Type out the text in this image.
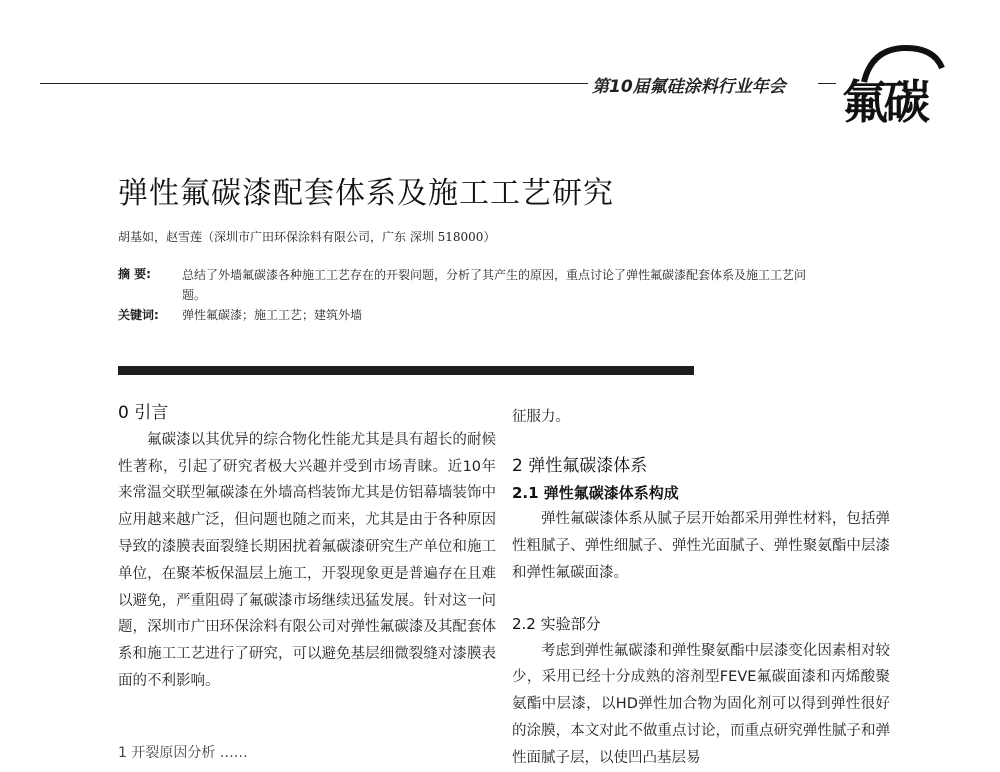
第10届氟硅涂料行业年会 氟碳
弹性氟碳漆配套体系及施工工艺研究
胡基如，赵雪莲（深圳市广田环保涂料有限公司，广东 深圳 518000）
摘 要:	总结了外墙氟碳漆各种施工工艺存在的开裂问题，分析了其产生的原因，重点讨论了弹性氟碳漆配套体系及施工工艺问题。
关键词: 弹性氟碳漆；施工工艺；建筑外墙
0 引言

氟碳漆以其优异的综合物化性能尤其是具有超长的耐候性著称，引起了研究者极大兴趣并受到市场青睐。近10年来常温交联型氟碳漆在外墙高档装饰尤其是仿铝幕墙装饰中应用越来越广泛，但问题也随之而来，尤其是由于各种原因导致的漆膜表面裂缝长期困扰着氟碳漆研究生产单位和施工单位，在聚苯板保温层上施工，开裂现象更是普遍存在且难以避免，严重阻碍了氟碳漆市场继续迅猛发展。针对这一问题，深圳市广田环保涂料有限公司对弹性氟碳漆及其配套体系和施工工艺进行了研究，可以避免基层细微裂缝对漆膜表面的不利影响。

1 开裂原因分析 ……

征服力。

2 弹性氟碳漆体系
2.1 弹性氟碳漆体系构成

弹性氟碳漆体系从腻子层开始都采用弹性材料，包括弹性粗腻子、弹性细腻子、弹性光面腻子、弹性聚氨酯中层漆和弹性氟碳面漆。

2.2 实验部分

考虑到弹性氟碳漆和弹性聚氨酯中层漆变化因素相对较少，采用已经十分成熟的溶剂型FEVE氟碳面漆和丙烯酸聚氨酯中层漆，以HD弹性加合物为固化剂可以得到弹性很好的涂膜，本文对此不做重点讨论，而重点研究弹性腻子和弹性面腻子层，以使凹凸基层易
